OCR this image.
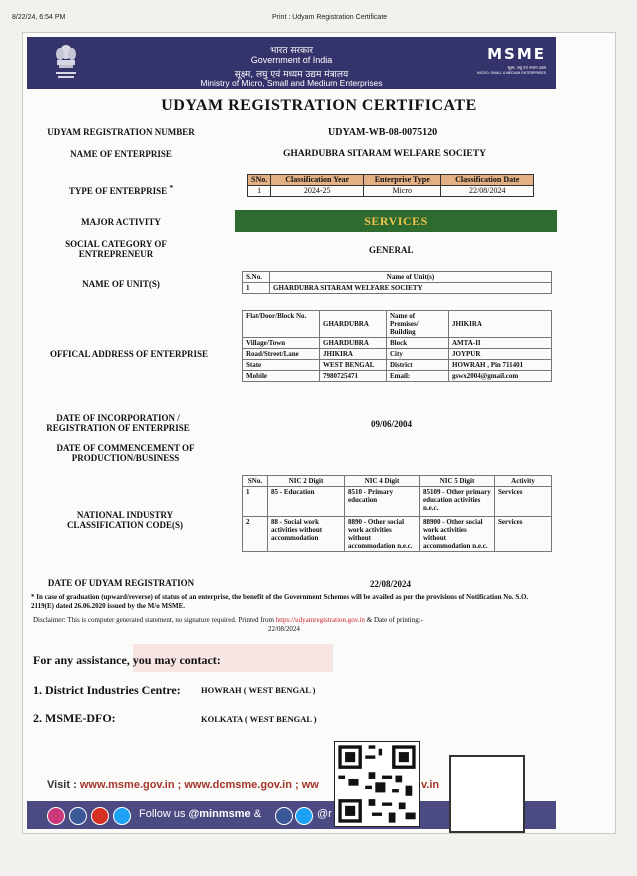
8/22/24, 6:54 PM	Print : Udyam Registration Certificate
भारत सरकार
Government of India
सूक्ष्म, लघु एवं मध्यम उद्यम मंत्रालय
Ministry of Micro, Small and Medium Enterprises
MSME
सूक्ष्म, लघु एवं मध्यम उद्यम
MICRO, SMALL & MEDIUM ENTERPRISES
UDYAM REGISTRATION CERTIFICATE
UDYAM REGISTRATION NUMBER	UDYAM-WB-08-0075120
NAME OF ENTERPRISE	GHARDUBRA SITARAM WELFARE SOCIETY
TYPE OF ENTERPRISE *
SNo.	Classification Year	Enterprise Type	Classification Date
1	2024-25	Micro	22/08/2024
MAJOR ACTIVITY	SERVICES
SOCIAL CATEGORY OF ENTREPRENEUR	GENERAL
NAME OF UNIT(S)
S.No.	Name of Unit(s)
1	GHARDUBRA SITARAM WELFARE SOCIETY
OFFICAL ADDRESS OF ENTERPRISE
Flat/Door/Block No.	GHARDUBRA	Name of Premises/ Building	JHIKIRA
Village/Town	GHARDUBRA	Block	AMTA-II
Road/Street/Lane	JHIKIRA	City	JOYPUR
State	WEST BENGAL	District	HOWRAH , Pin 711401
Mobile	7980725471	Email:	gswx2004@gmail.com
DATE OF INCORPORATION / REGISTRATION OF ENTERPRISE	09/06/2004
DATE OF COMMENCEMENT OF PRODUCTION/BUSINESS
SNo.	NIC 2 Digit	NIC 4 Digit	NIC 5 Digit	Activity
1	85 - Education	8510 - Primary education	85109 - Other primary education activities n.e.c.	Services
2	88 - Social work activities without accommodation	8890 - Other social work activities without accommodation n.e.c.	88900 - Other social work activities without accommodation n.e.c.	Services
NATIONAL INDUSTRY CLASSIFICATION CODE(S)
DATE OF UDYAM REGISTRATION	22/08/2024
* In case of graduation (upward/reverse) of status of an enterprise, the benefit of the Government Schemes will be availed as per the provisions of Notification No. S.O. 2119(E) dated 26.06.2020 issued by the M/o MSME.
Disclaimer: This is computer generated statement, no signature required. Printed from https://udyamregistration.gov.in & Date of printing:-
22/08/2024
For any assistance, you may contact:
1. District Industries Centre: HOWRAH ( WEST BENGAL )
2. MSME-DFO:	KOLKATA ( WEST BENGAL )
Visit : www.msme.gov.in ; www.dcmsme.gov.in ; ww	v.in
Follow us @minmsme &	@r
